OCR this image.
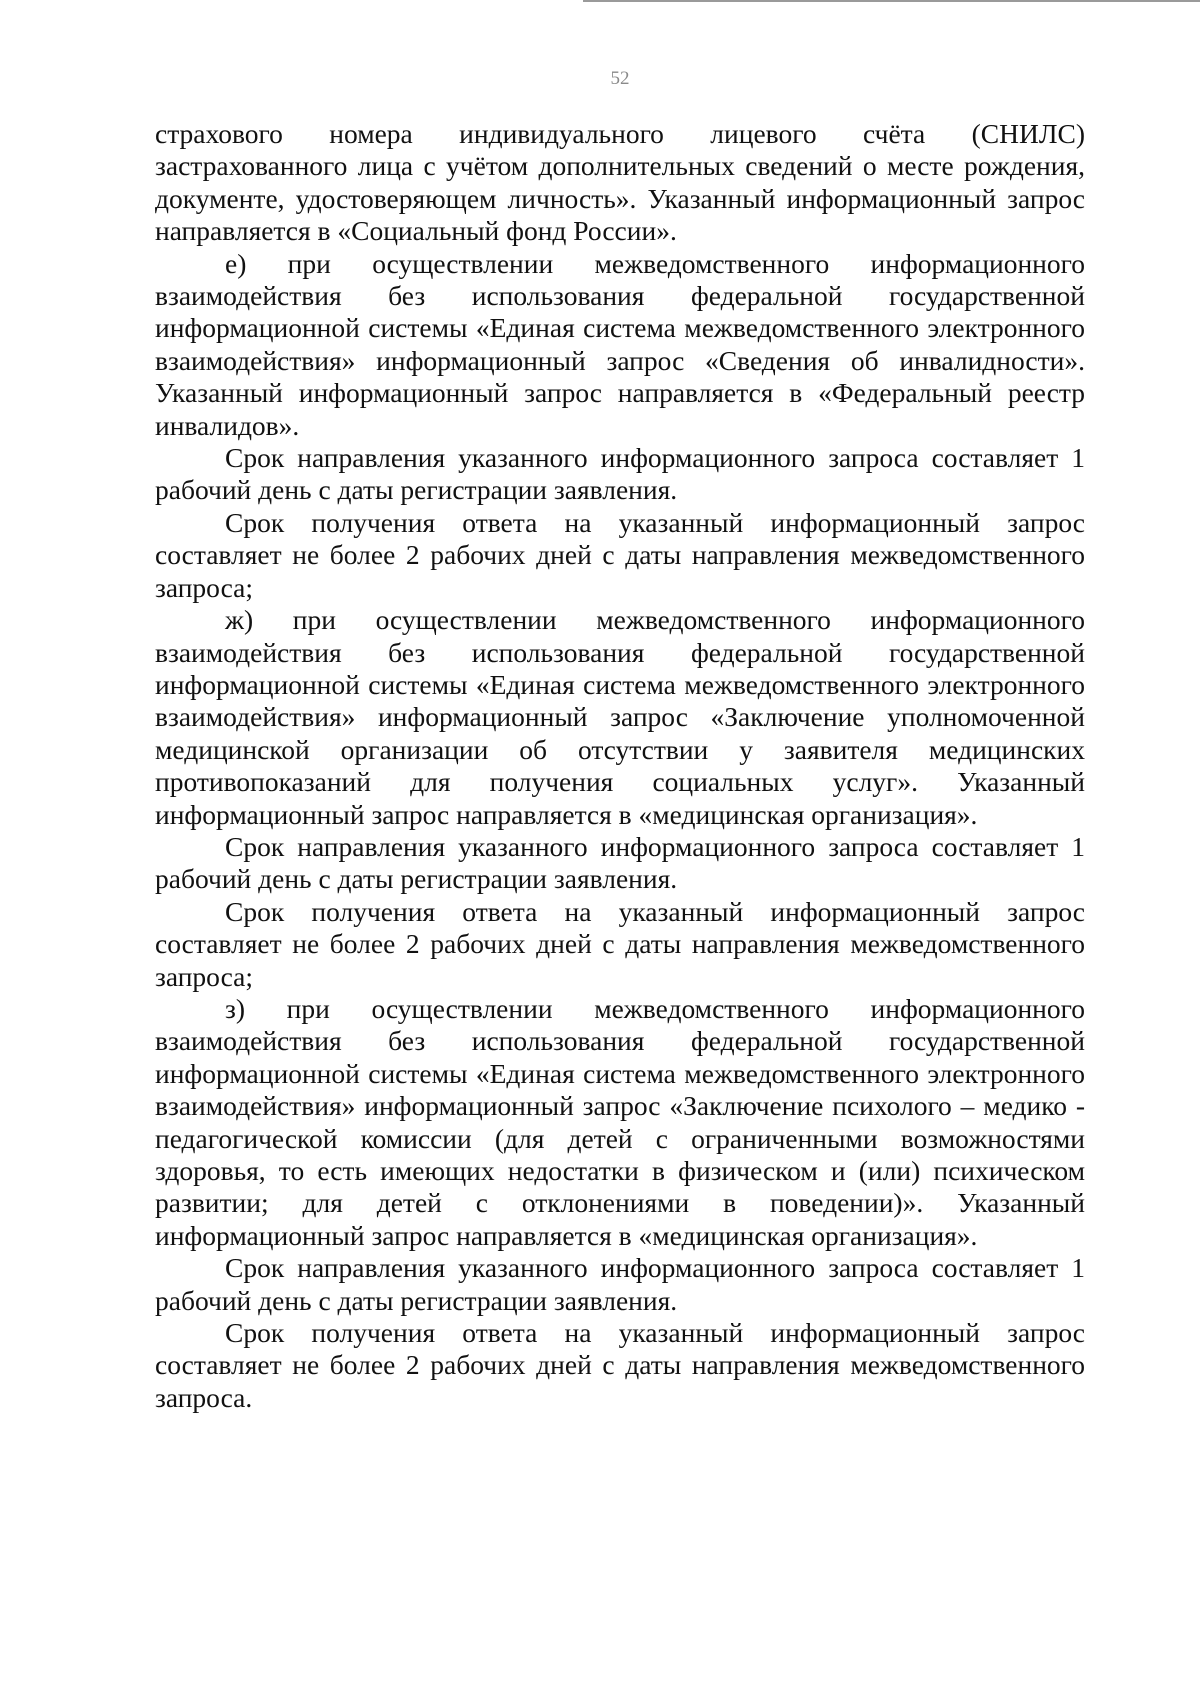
52

страхового номера индивидуального лицевого счёта (СНИЛС) застрахованного лица с учётом дополнительных сведений о месте рождения, документе, удостоверяющем личность». Указанный информационный запрос направляется в «Социальный фонд России».

е) при осуществлении межведомственного информационного взаимодействия без использования федеральной государственной информационной системы «Единая система межведомственного электронного взаимодействия» информационный запрос «Сведения об инвалидности». Указанный информационный запрос направляется в «Федеральный реестр инвалидов».

Срок направления указанного информационного запроса составляет 1 рабочий день с даты регистрации заявления.

Срок получения ответа на указанный информационный запрос составляет не более 2 рабочих дней с даты направления межведомственного запроса;

ж) при осуществлении межведомственного информационного взаимодействия без использования федеральной государственной информационной системы «Единая система межведомственного электронного взаимодействия» информационный запрос «Заключение уполномоченной медицинской организации об отсутствии у заявителя медицинских противопоказаний для получения социальных услуг». Указанный информационный запрос направляется в «медицинская организация».

Срок направления указанного информационного запроса составляет 1 рабочий день с даты регистрации заявления.

Срок получения ответа на указанный информационный запрос составляет не более 2 рабочих дней с даты направления межведомственного запроса;

з) при осуществлении межведомственного информационного взаимодействия без использования федеральной государственной информационной системы «Единая система межведомственного электронного взаимодействия» информационный запрос «Заключение психолого – медико - педагогической комиссии (для детей с ограниченными возможностями здоровья, то есть имеющих недостатки в физическом и (или) психическом развитии; для детей с отклонениями в поведении)». Указанный информационный запрос направляется в «медицинская организация».

Срок направления указанного информационного запроса составляет 1 рабочий день с даты регистрации заявления.

Срок получения ответа на указанный информационный запрос составляет не более 2 рабочих дней с даты направления межведомственного запроса.
